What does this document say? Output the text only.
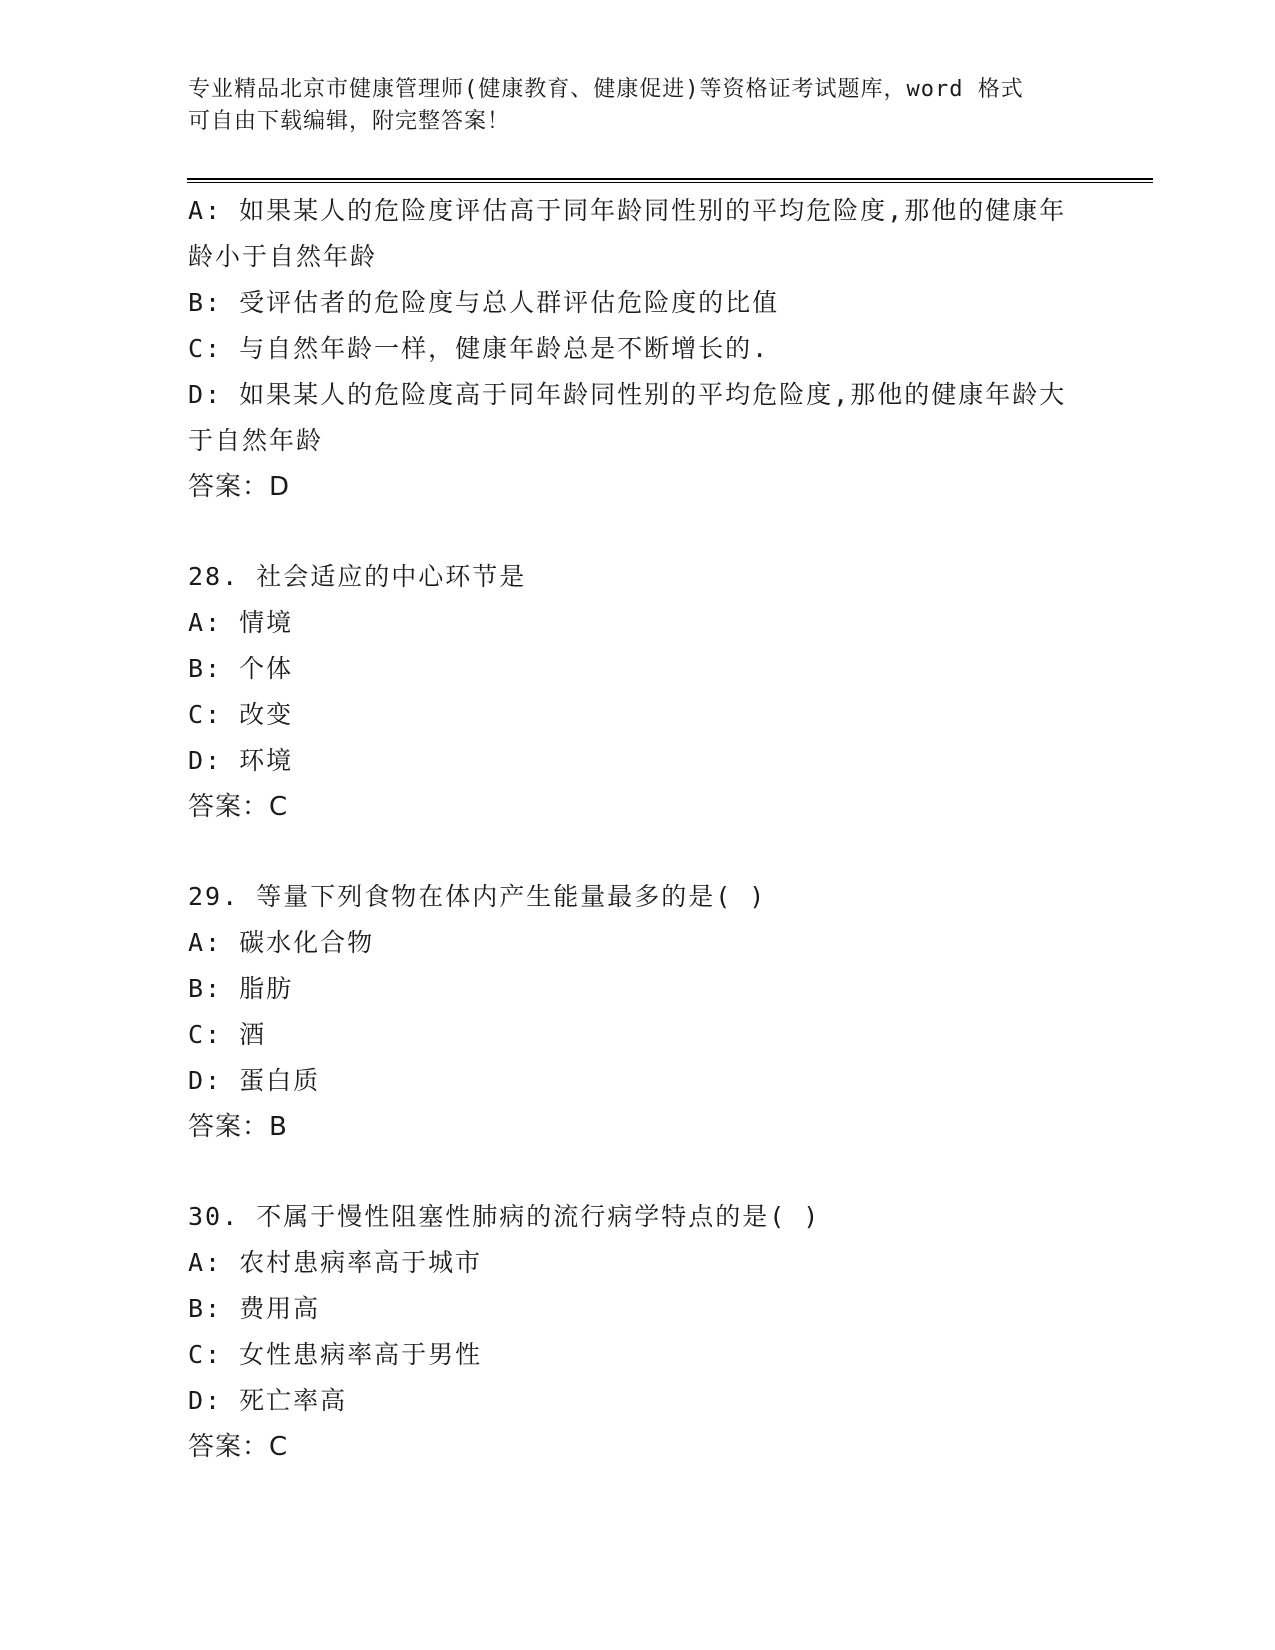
专业精品北京市健康管理师(健康教育、健康促进)等资格证考试题库，word 格式
可自由下载编辑，附完整答案！
A: 如果某人的危险度评估高于同年龄同性别的平均危险度,那他的健康年龄小于自然年龄
B: 受评估者的危险度与总人群评估危险度的比值
C: 与自然年龄一样，健康年龄总是不断增长的.
D: 如果某人的危险度高于同年龄同性别的平均危险度,那他的健康年龄大于自然年龄
答案：D
28. 社会适应的中心环节是
A: 情境
B: 个体
C: 改变
D: 环境
答案：C
29. 等量下列食物在体内产生能量最多的是( )
A: 碳水化合物
B: 脂肪
C: 酒
D: 蛋白质
答案：B
30. 不属于慢性阻塞性肺病的流行病学特点的是( )
A: 农村患病率高于城市
B: 费用高
C: 女性患病率高于男性
D: 死亡率高
答案：C
